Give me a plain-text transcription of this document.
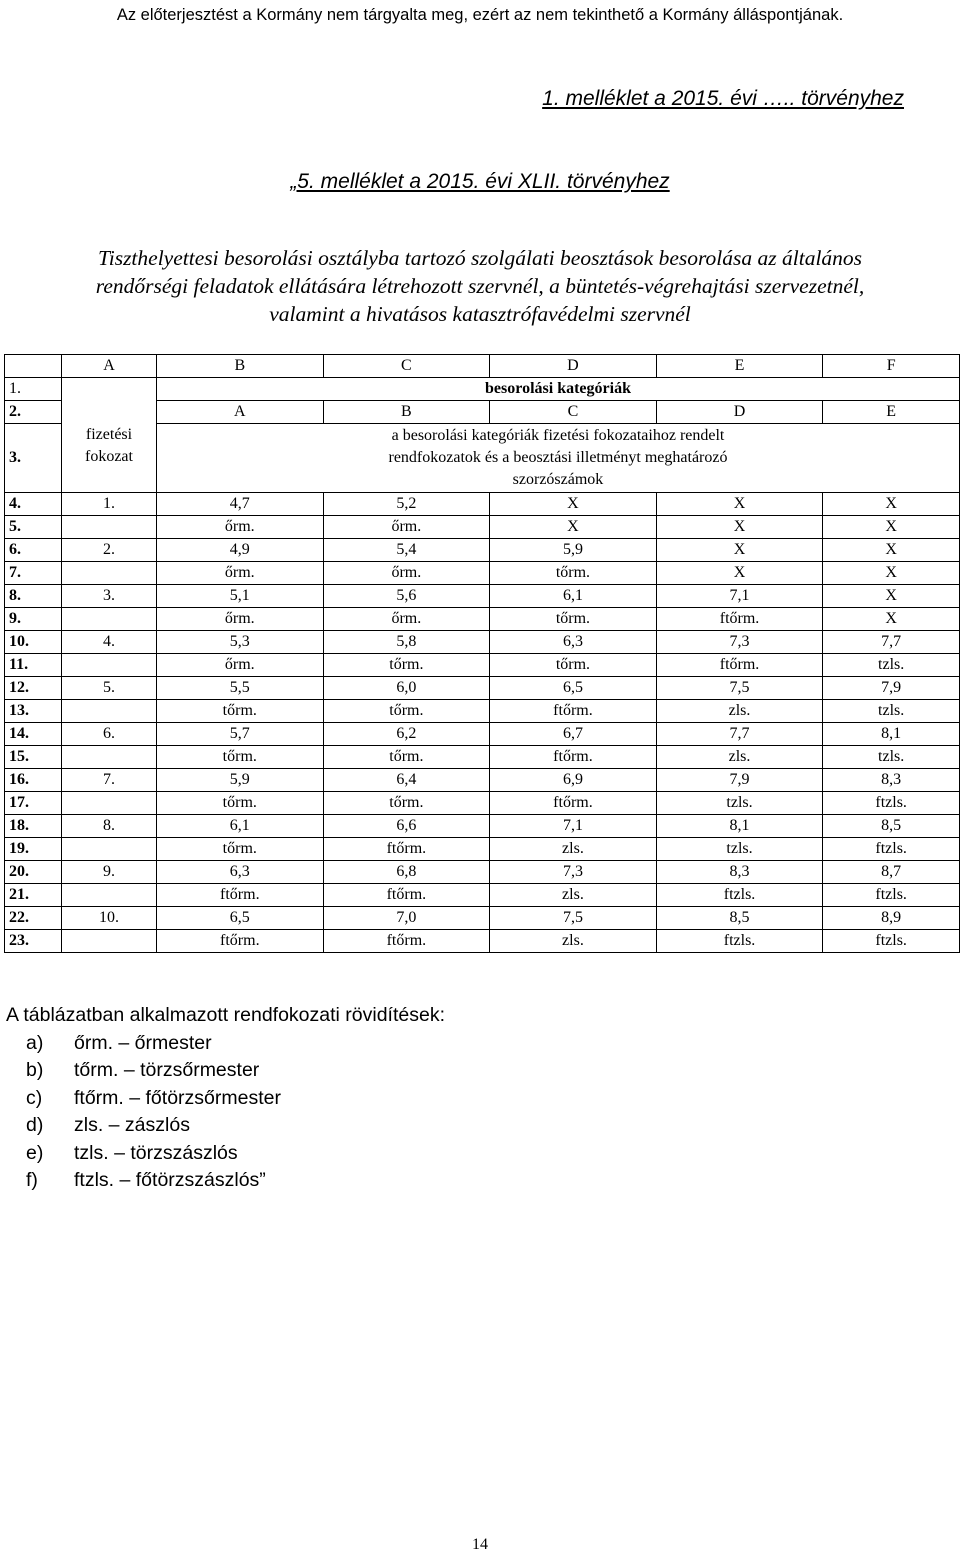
Az előterjesztést a Kormány nem tárgyalta meg, ezért az nem tekinthető a Kormány álláspontjának.
1. melléklet a 2015. évi ….. törvényhez
„5. melléklet a 2015. évi XLII. törvényhez
Tiszthelyettesi besorolási osztályba tartozó szolgálati beosztások besorolása az általános
rendőrségi feladatok ellátására létrehozott szervnél, a büntetés-végrehajtási szervezetnél,
valamint a hivatásos katasztrófavédelmi szervnél
	A	B	C	D	E	F
1.		besorolási kategóriák				
2.		A	B	C	D	E
3.	fizetési fokozat	a besorolási kategóriák fizetési fokozataihoz rendelt
rendfokozatok és a beosztási illetményt meghatározó
szorzószámok				

4.	1.	4,7	5,2	X	X	X
5.		őrm.	őrm.	X	X	X
6.	2.	4,9	5,4	5,9	X	X
7.		őrm.	őrm.	tőrm.	X	X
8.	3.	5,1	5,6	6,1	7,1	X
9.		őrm.	őrm.	tőrm.	ftőrm.	X
10.	4.	5,3	5,8	6,3	7,3	7,7
11.		őrm.	tőrm.	tőrm.	ftőrm.	tzls.
12.	5.	5,5	6,0	6,5	7,5	7,9
13.		tőrm.	tőrm.	ftőrm.	zls.	tzls.
14.	6.	5,7	6,2	6,7	7,7	8,1
15.		tőrm.	tőrm.	ftőrm.	zls.	tzls.
16.	7.	5,9	6,4	6,9	7,9	8,3
17.		tőrm.	tőrm.	ftőrm.	tzls.	ftzls.
18.	8.	6,1	6,6	7,1	8,1	8,5
19.		tőrm.	ftőrm.	zls.	tzls.	ftzls.
20.	9.	6,3	6,8	7,3	8,3	8,7
21.		ftőrm.	ftőrm.	zls.	ftzls.	ftzls.
22.	10.	6,5	7,0	7,5	8,5	8,9
23.		ftőrm.	ftőrm.	zls.	ftzls.	ftzls.
A táblázatban alkalmazott rendfokozati rövidítések:
a) őrm. – őrmester
b) tőrm. – törzsőrmester
c) ftőrm. – főtörzsőrmester
d) zls. – zászlós
e) tzls. – törzszászlós
f) ftzls. – főtörzszászlós”
14
